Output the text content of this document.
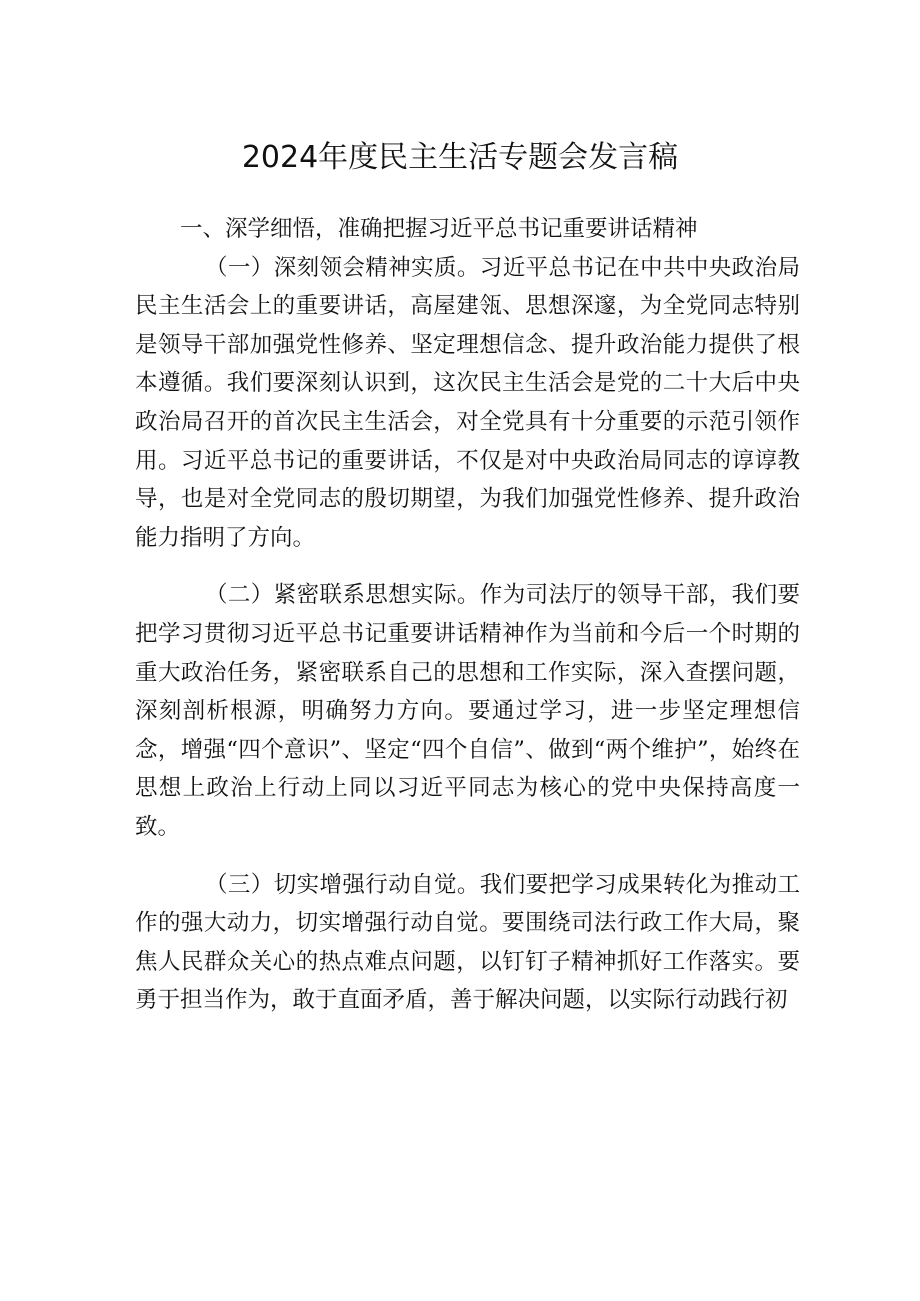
2024年度民主生活专题会发言稿

一、深学细悟，准确把握习近平总书记重要讲话精神

（一）深刻领会精神实质。习近平总书记在中共中央政治局民主生活会上的重要讲话，高屋建瓴、思想深邃，为全党同志特别是领导干部加强党性修养、坚定理想信念、提升政治能力提供了根本遵循。我们要深刻认识到，这次民主生活会是党的二十大后中央政治局召开的首次民主生活会，对全党具有十分重要的示范引领作用。习近平总书记的重要讲话，不仅是对中央政治局同志的谆谆教导，也是对全党同志的殷切期望，为我们加强党性修养、提升政治能力指明了方向。

（二）紧密联系思想实际。作为司法厅的领导干部，我们要把学习贯彻习近平总书记重要讲话精神作为当前和今后一个时期的重大政治任务，紧密联系自己的思想和工作实际，深入查摆问题，深刻剖析根源，明确努力方向。要通过学习，进一步坚定理想信念，增强“四个意识”、坚定“四个自信”、做到“两个维护”，始终在思想上政治上行动上同以习近平同志为核心的党中央保持高度一致。

（三）切实增强行动自觉。我们要把学习成果转化为推动工作的强大动力，切实增强行动自觉。要围绕司法行政工作大局，聚焦人民群众关心的热点难点问题，以钉钉子精神抓好工作落实。要勇于担当作为，敢于直面矛盾，善于解决问题，以实际行动践行初
